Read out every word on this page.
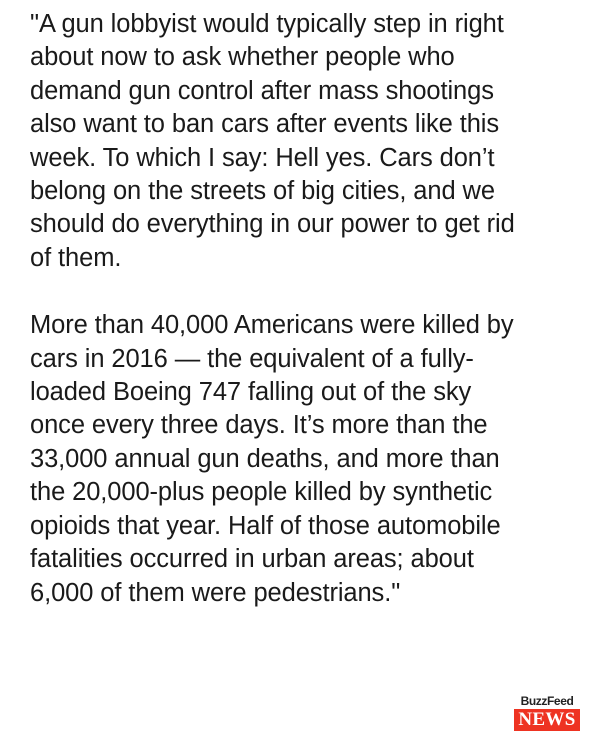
"A gun lobbyist would typically step in right
about now to ask whether people who
demand gun control after mass shootings
also want to ban cars after events like this
week. To which I say: Hell yes. Cars don’t
belong on the streets of big cities, and we
should do everything in our power to get rid
of them.

More than 40,000 Americans were killed by
cars in 2016 — the equivalent of a fully-
loaded Boeing 747 falling out of the sky
once every three days. It’s more than the
33,000 annual gun deaths, and more than
the 20,000-plus people killed by synthetic
opioids that year. Half of those automobile
fatalities occurred in urban areas; about
6,000 of them were pedestrians."

BuzzFeed
NEWS
